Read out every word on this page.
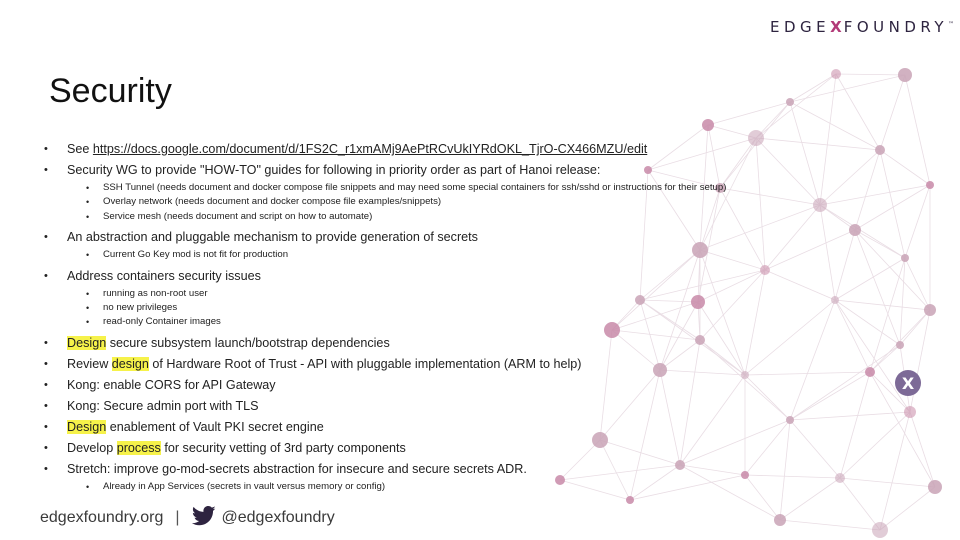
X
EDGEXFOUNDRY™
Security
• See https://docs.google.com/document/d/1FS2C_r1xmAMj9AePtRCvUkIYRdOKL_TjrO-CX466MZU/edit
• Security WG to provide "HOW-TO" guides for following in priority order as part of Hanoi release:
• SSH Tunnel (needs document and docker compose file snippets and may need some special containers for ssh/sshd or instructions for their setup)
• Overlay network (needs document and docker compose file examples/snippets)
• Service mesh (needs document and script on how to automate)
• An abstraction and pluggable mechanism to provide generation of secrets
• Current Go Key mod is not fit for production
• Address containers security issues
• running as non-root user
• no new privileges
• read-only Container images
• Design secure subsystem launch/bootstrap dependencies
• Review design of Hardware Root of Trust - API with pluggable implementation (ARM to help)
• Kong: enable CORS for API Gateway
• Kong: Secure admin port with TLS
• Design enablement of Vault PKI secret engine
• Develop process for security vetting of 3rd party components
• Stretch: improve go-mod-secrets abstraction for insecure and secure secrets ADR.
• Already in App Services (secrets in vault versus memory or config)
edgexfoundry.org |	@edgexfoundry
